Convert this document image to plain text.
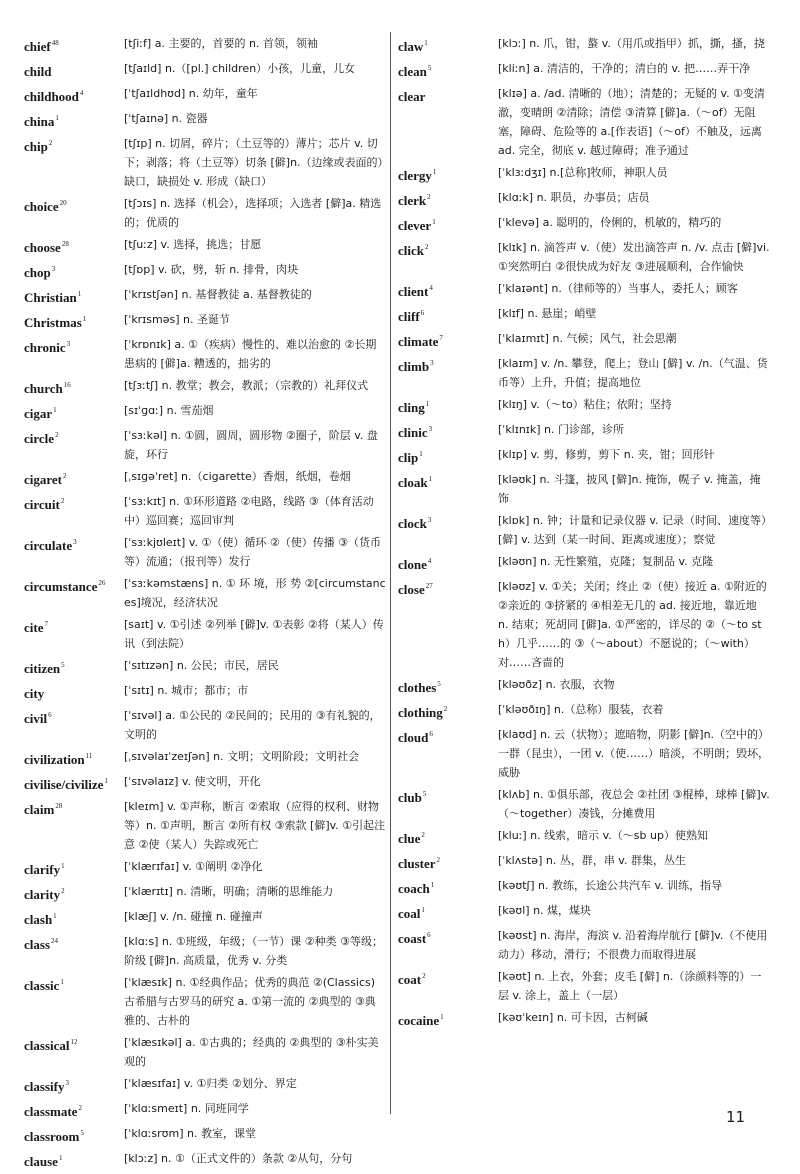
chief$^{48}$	[tʃiːf] a. 主要的，首要的 n. 首领，领袖
child	[tʃaɪld] n.（[pl.] children）小孩，儿童，儿女
childhood$^4$	[ˈtʃaɪldhʊd] n. 幼年，童年
china$^1$	[ˈtʃaɪnə] n. 瓷器
chip$^2$	[tʃɪp] n. 切屑，碎片；（土豆等的）薄片；芯片 v. 切下；剥落；将（土豆等）切条 [僻]n.（边缘或表面的）缺口，缺损处 v. 形成（缺口）
choice$^{20}$	[tʃɔɪs] n. 选择（机会），选择项；入选者 [僻]a. 精选的；优质的
choose$^{28}$	[tʃuːz] v. 选择，挑选；甘愿
chop$^3$	[tʃɒp] v. 砍，劈，斩 n. 排骨，肉块
Christian$^1$	[ˈkrɪstʃən] n. 基督教徒 a. 基督教徒的
Christmas$^1$	[ˈkrɪsməs] n. 圣诞节
chronic$^3$	[ˈkrɒnɪk] a. ①（疾病）慢性的、难以治愈的 ②长期患病的 [僻]a. 糟透的，拙劣的
church$^{16}$	[tʃɜːtʃ] n. 教堂；教会，教派；（宗教的）礼拜仪式
cigar$^1$	[sɪˈɡɑː] n. 雪茄烟
circle$^2$	[ˈsɜːkəl] n. ①圆，圆周，圆形物 ②圈子，阶层 v. 盘旋，环行
cigaret$^2$	[ˌsɪɡəˈret] n.（cigarette）香烟，纸烟，卷烟
circuit$^2$	[ˈsɜːkɪt] n. ①环形道路 ②电路，线路 ③（体育活动中）巡回赛；巡回审判
circulate$^3$	[ˈsɜːkjʊleɪt] v. ①（使）循环 ②（使）传播 ③（货币等）流通；（报刊等）发行
circumstance$^{26}$	[ˈsɜːkəmstæns] n. ① 环 境，形 势 ②[circumstances]境况，经济状况
cite$^7$	[saɪt] v. ①引述 ②列举 [僻]v. ①表彰 ②将（某人）传讯（到法院）
citizen$^5$	[ˈsɪtɪzən] n. 公民；市民，居民
city	[ˈsɪtɪ] n. 城市；都市；市
civil$^6$	[ˈsɪvəl] a. ①公民的 ②民间的；民用的 ③有礼貌的，文明的
civilization$^{11}$	[ˌsɪvəlaɪˈzeɪʃən] n. 文明；文明阶段；文明社会
civilise/civilize$^1$	[ˈsɪvəlaɪz] v. 使文明，开化
claim$^{28}$	[kleɪm] v. ①声称，断言 ②索取（应得的权利、财物等）n. ①声明，断言 ②所有权 ③索款 [僻]v. ①引起注意 ②使（某人）失踪或死亡
clarify$^1$	[ˈklærɪfaɪ] v. ①阐明 ②净化
clarity$^2$	[ˈklærɪtɪ] n. 清晰，明确；清晰的思维能力
clash$^1$	[klæʃ] v. /n. 碰撞 n. 碰撞声
class$^{24}$	[klɑːs] n. ①班级，年级；（一节）课 ②种类 ③等级；阶级 [僻]n. 高质量，优秀 v. 分类
classic$^1$	[ˈklæsɪk] n. ①经典作品；优秀的典范 ②(Classics)古希腊与古罗马的研究 a. ①第一流的 ②典型的 ③典雅的、古朴的
classical$^{12}$	[ˈklæsɪkəl] a. ①古典的；经典的 ②典型的 ③朴实美观的
classify$^3$	[ˈklæsɪfaɪ] v. ①归类 ②划分、界定
classmate$^2$	[ˈklɑːsmeɪt] n. 同班同学
classroom$^5$	[ˈklɑːsrʊm] n. 教室，课堂
clause$^1$	[klɔːz] n. ①（正式文件的）条款 ②从句，分句
claw$^1$	[klɔː] n. 爪，钳，螯 v.（用爪或指甲）抓，撕，搔，挠
clean$^5$	[kliːn] a. 清洁的，干净的；清白的 v. 把……弄干净
clear	[klɪə] a. /ad. 清晰的（地）；清楚的；无疑的 v. ①变清澈，变晴朗 ②清除；清偿 ③清算 [僻]a.（～of）无阻塞，障碍、危险等的 a.[作表语]（～of）不触及，远离 ad. 完全，彻底 v. 越过障碍；准予通过
clergy$^1$	[ˈklɜːdʒɪ] n.[总称]牧师，神职人员
clerk$^2$	[klɑːk] n. 职员，办事员；店员
clever$^1$	[ˈklevə] a. 聪明的，伶俐的，机敏的，精巧的
click$^2$	[klɪk] n. 滴答声 v.（使）发出滴答声 n. /v. 点击 [僻]vi. ①突然明白 ②很快成为好友 ③进展顺利，合作愉快
client$^4$	[ˈklaɪənt] n.（律师等的）当事人，委托人；顾客
cliff$^6$	[klɪf] n. 悬崖；峭壁
climate$^7$	[ˈklaɪmɪt] n. 气候；风气，社会思潮
climb$^3$	[klaɪm] v. /n. 攀登，爬上；登山 [僻] v. /n.（气温、货币等）上升，升值；提高地位
cling$^1$	[klɪŋ] v.（～to）粘住；依附；坚持
clinic$^3$	[ˈklɪnɪk] n. 门诊部，诊所
clip$^1$	[klɪp] v. 剪，修剪，剪下 n. 夹，钳；回形针
cloak$^1$	[kləʊk] n. 斗篷，披风 [僻]n. 掩饰，幌子 v. 掩盖，掩饰
clock$^3$	[klɒk] n. 钟；计量和记录仪器 v. 记录（时间、速度等）[僻] v. 达到（某一时间、距离或速度）；察觉
clone$^4$	[kləʊn] n. 无性繁殖，克隆；复制品 v. 克隆
close$^{27}$	[kləʊz] v. ①关；关闭；终止 ②（使）接近 a. ①附近的 ②亲近的 ③挤紧的 ④相差无几的 ad. 接近地，靠近地 n. 结束；死胡同 [僻]a. ①严密的，详尽的 ②（～to sth）几乎……的 ③（～about）不愿说的；（～with）对……吝啬的
clothes$^5$	[kləʊðz] n. 衣服，衣物
clothing$^2$	[ˈkləʊðɪŋ] n.（总称）服装，衣着
cloud$^6$	[klaʊd] n. 云（状物）；遮暗物，阴影 [僻]n.（空中的）一群（昆虫），一团 v.（使……）暗淡，不明朗；毁坏，威胁
club$^5$	[klʌb] n. ①俱乐部，夜总会 ②社团 ③棍棒，球棒 [僻]v.（～together）凑钱，分摊费用
clue$^2$	[kluː] n. 线索，暗示 v.（～sb up）使熟知
cluster$^2$	[ˈklʌstə] n. 丛，群，串 v. 群集，丛生
coach$^1$	[kəʊtʃ] n. 教练，长途公共汽车 v. 训练，指导
coal$^1$	[kəʊl] n. 煤，煤块
coast$^6$	[kəʊst] n. 海岸，海滨 v. 沿着海岸航行 [僻]v.（不使用动力）移动，滑行；不很费力而取得进展
coat$^2$	[kəʊt] n. 上衣，外套；皮毛 [僻] n.（涂颜料等的）一层 v. 涂上，盖上（一层）
cocaine$^1$	[kəʊˈkeɪn] n. 可卡因，古柯碱
11
